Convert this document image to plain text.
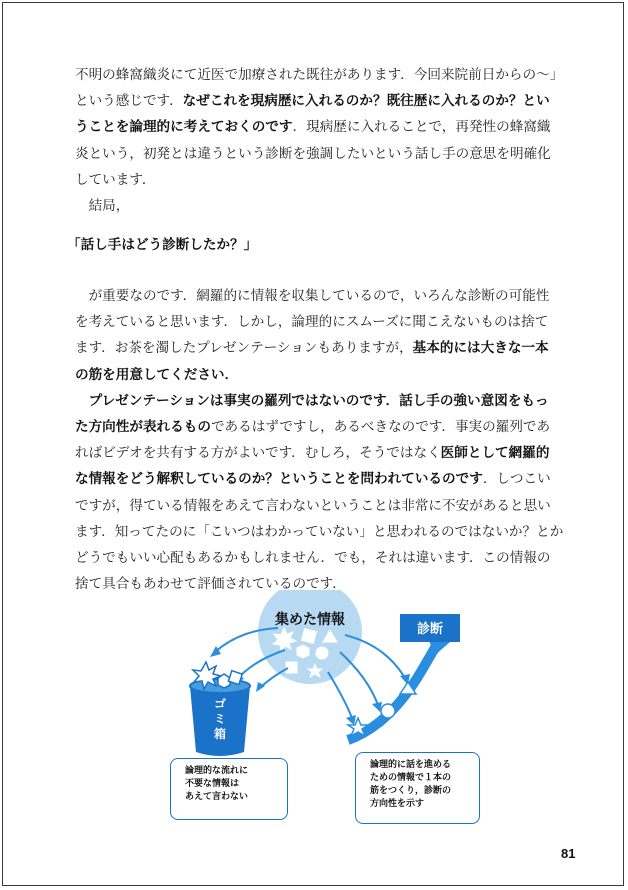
不明の蜂窩織炎にて近医で加療された既往があります．今回来院前日からの～」
という感じです．なぜこれを現病歴に入れるのか？既往歴に入れるのか？とい
うことを論理的に考えておくのです．現病歴に入れることで，再発性の蜂窩織
炎という，初発とは違うという診断を強調したいという話し手の意思を明確化
しています．
　結局，
「話し手はどう診断したか？」
　が重要なのです．網羅的に情報を収集しているので，いろんな診断の可能性
を考えていると思います．しかし，論理的にスムーズに聞こえないものは捨て
ます．お茶を濁したプレゼンテーションもありますが，基本的には大きな一本
の筋を用意してください．
　プレゼンテーションは事実の羅列ではないのです．話し手の強い意図をもっ
た方向性が表れるものであるはずですし，あるべきなのです．事実の羅列であ
ればビデオを共有する方がよいです．むしろ，そうではなく医師として網羅的
な情報をどう解釈しているのか？ということを問われているのです．しつこい
ですが，得ている情報をあえて言わないということは非常に不安があると思い
ます．知ってたのに「こいつはわかっていない」と思われるのではないか？とか
どうでもいい心配もあるかもしれません．でも，それは違います．この情報の
捨て具合もあわせて評価されているのです．
集めた情報
診断
ゴミ箱
論理的な流れに
不要な情報は
あえて言わない
論理的に話を進める
ための情報で１本の
筋をつくり，診断の
方向性を示す
81
